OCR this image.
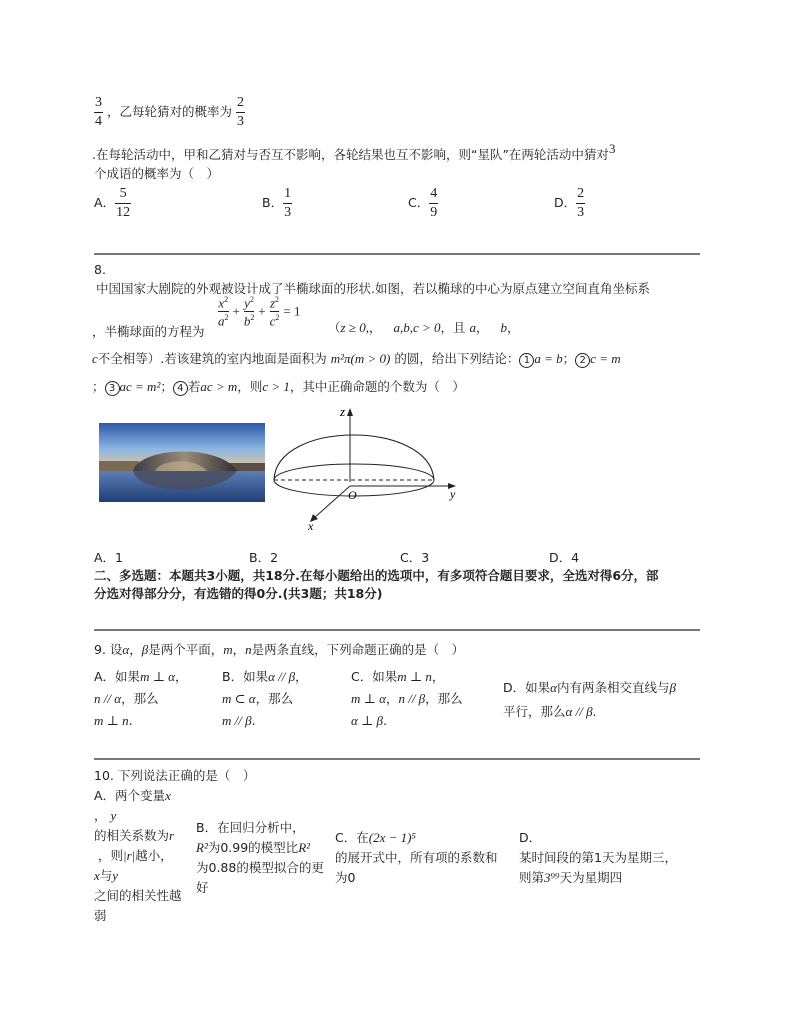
$\frac{3}{4}$ ，乙每轮猜对的概率为 $\frac{2}{3}$
.在每轮活动中，甲和乙猜对与否互不影响，各轮结果也互不影响，则“星队”在两轮活动中猜对3
个成语的概率为（　）
A． $\frac{5}{12}$	B． $\frac{1}{3}$	C． $\frac{4}{9}$	D． $\frac{2}{3}$
8.
中国国家大剧院的外观被设计成了半椭球面的形状.如图，若以椭球的中心为原点建立空间直角坐标系
，半椭球面的方程为
$\frac{x^2}{a^2} + \frac{y^2}{b^2} + \frac{z^2}{c^2} = 1$
（z ≥ 0,， a,b,c > 0，且 a， b，
c不全相等）.若该建筑的室内地面是面积为 m²π(m > 0) 的圆，给出下列结论： 1 a = b； 2 c = m
； 3 ac = m²； 4 若ac > m，则c > 1，其中正确命题的个数为（　）
z
y
x
O
A．1	B．2	C．3	D．4
二、多选题：本题共3小题，共18分.在每小题给出的选项中，有多项符合题目要求，全选对得6分，部
分选对得部分分，有选错的得0分.(共3题；共18分)
9. 设α，β是两个平面，m，n是两条直线，下列命题正确的是（　）
A．如果m ⊥ α，
n // α，那么
m ⊥ n.
B．如果α // β，
m ⊂ α，那么
m // β.
C．如果m ⊥ n，
m ⊥ α，n // β，那么
α ⊥ β.
D．如果α内有两条相交直线与β
平行，那么α // β.
10. 下列说法正确的是（　）
A．两个变量x
， y
的相关系数为r
，则|r|越小，
x与y
之间的相关性越
弱
B．在回归分析中，
R²为0.99的模型比R²
为0.88的模型拟合的更
好
C．在(2x − 1)⁵
的展开式中，所有项的系数和
为0
D．
某时间段的第1天为星期三，
则第3⁹⁹天为星期四
